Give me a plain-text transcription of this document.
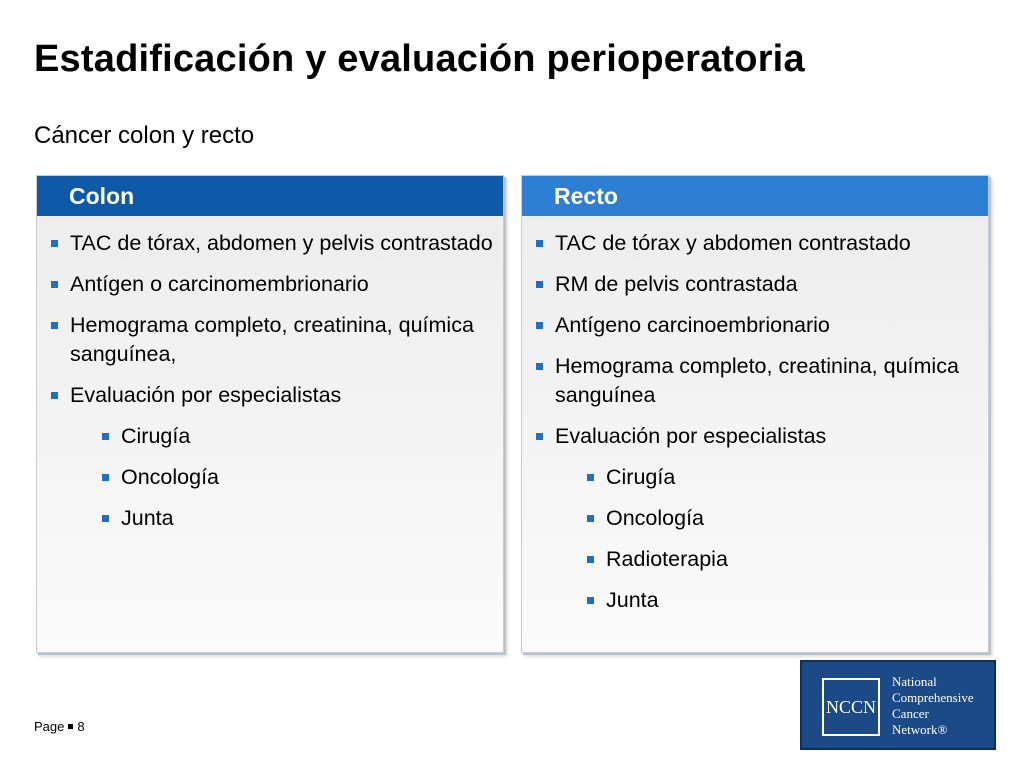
Estadificación y evaluación perioperatoria
Cáncer colon y recto
Colon
TAC de tórax, abdomen y pelvis contrastado
Antígen o carcinomembrionario
Hemograma completo, creatinina, química sanguínea,
Evaluación por especialistas
Cirugía
Oncología
Junta
Recto
TAC de tórax y abdomen contrastado
RM de pelvis contrastada
Antígeno carcinoembrionario
Hemograma completo, creatinina, química sanguínea
Evaluación por especialistas
Cirugía
Oncología
Radioterapia
Junta
Page 8
NCCN
National
Comprehensive
Cancer
Network®
